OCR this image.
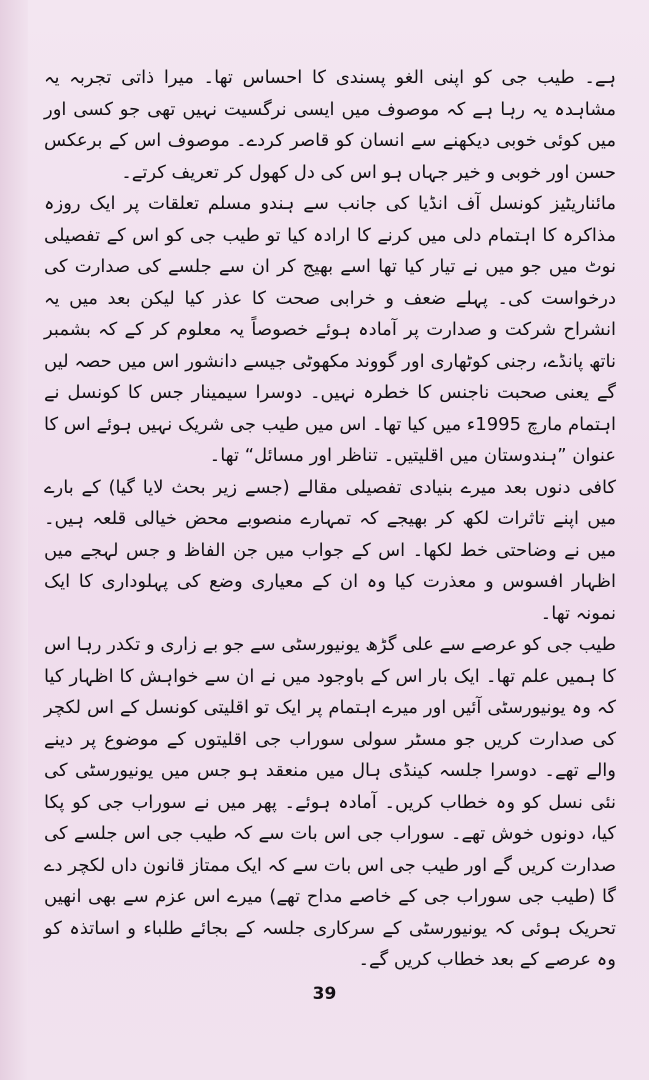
ہے۔ طیب جی کو اپنی الغو پسندی کا احساس تھا۔ میرا ذاتی تجربہ یہ مشاہدہ یہ رہا ہے کہ موصوف میں ایسی نرگسیت نہیں تھی جو کسی اور میں کوئی خوبی دیکھنے سے انسان کو قاصر کردے۔ موصوف اس کے برعکس حسن اور خوبی و خیر جہاں ہو اس کی دل کھول کر تعریف کرتے۔

مائناریٹیز کونسل آف انڈیا کی جانب سے ہندو مسلم تعلقات پر ایک روزہ مذاکرہ کا اہتمام دلی میں کرنے کا ارادہ کیا تو طیب جی کو اس کے تفصیلی نوٹ میں جو میں نے تیار کیا تھا اسے بھیج کر ان سے جلسے کی صدارت کی درخواست کی۔ پہلے ضعف و خرابی صحت کا عذر کیا لیکن بعد میں یہ انشراح شرکت و صدارت پر آمادہ ہوئے خصوصاً یہ معلوم کر کے کہ بشمبر ناتھ پانڈے، رجنی کوٹھاری اور گووند مکھوٹی جیسے دانشور اس میں حصہ لیں گے یعنی صحبت ناجنس کا خطرہ نہیں۔ دوسرا سیمینار جس کا کونسل نے اہتمام مارچ 1995ء میں کیا تھا۔ اس میں طیب جی شریک نہیں ہوئے اس کا عنوان ”ہندوستان میں اقلیتیں۔ تناظر اور مسائل“ تھا۔

کافی دنوں بعد میرے بنیادی تفصیلی مقالے (جسے زیر بحث لایا گیا) کے بارے میں اپنے تاثرات لکھ کر بھیجے کہ تمہارے منصوبے محض خیالی قلعہ ہیں۔ میں نے وضاحتی خط لکھا۔ اس کے جواب میں جن الفاظ و جس لہجے میں اظہار افسوس و معذرت کیا وہ ان کے معیاری وضع کی پہلوداری کا ایک نمونہ تھا۔

طیب جی کو عرصے سے علی گڑھ یونیورسٹی سے جو بے زاری و تکدر رہا اس کا ہمیں علم تھا۔ ایک بار اس کے باوجود میں نے ان سے خواہش کا اظہار کیا کہ وہ یونیورسٹی آئیں اور میرے اہتمام پر ایک تو اقلیتی کونسل کے اس لکچر کی صدارت کریں جو مسٹر سولی سوراب جی اقلیتوں کے موضوع پر دینے والے تھے۔ دوسرا جلسہ کینڈی ہال میں منعقد ہو جس میں یونیورسٹی کی نئی نسل کو وہ خطاب کریں۔ آمادہ ہوئے۔ پھر میں نے سوراب جی کو پکا کیا، دونوں خوش تھے۔ سوراب جی اس بات سے کہ طیب جی اس جلسے کی صدارت کریں گے اور طیب جی اس بات سے کہ ایک ممتاز قانون داں لکچر دے گا (طیب جی سوراب جی کے خاصے مداح تھے) میرے اس عزم سے بھی انھیں تحریک ہوئی کہ یونیورسٹی کے سرکاری جلسہ کے بجائے طلباء و اساتذہ کو وہ عرصے کے بعد خطاب کریں گے۔

39
